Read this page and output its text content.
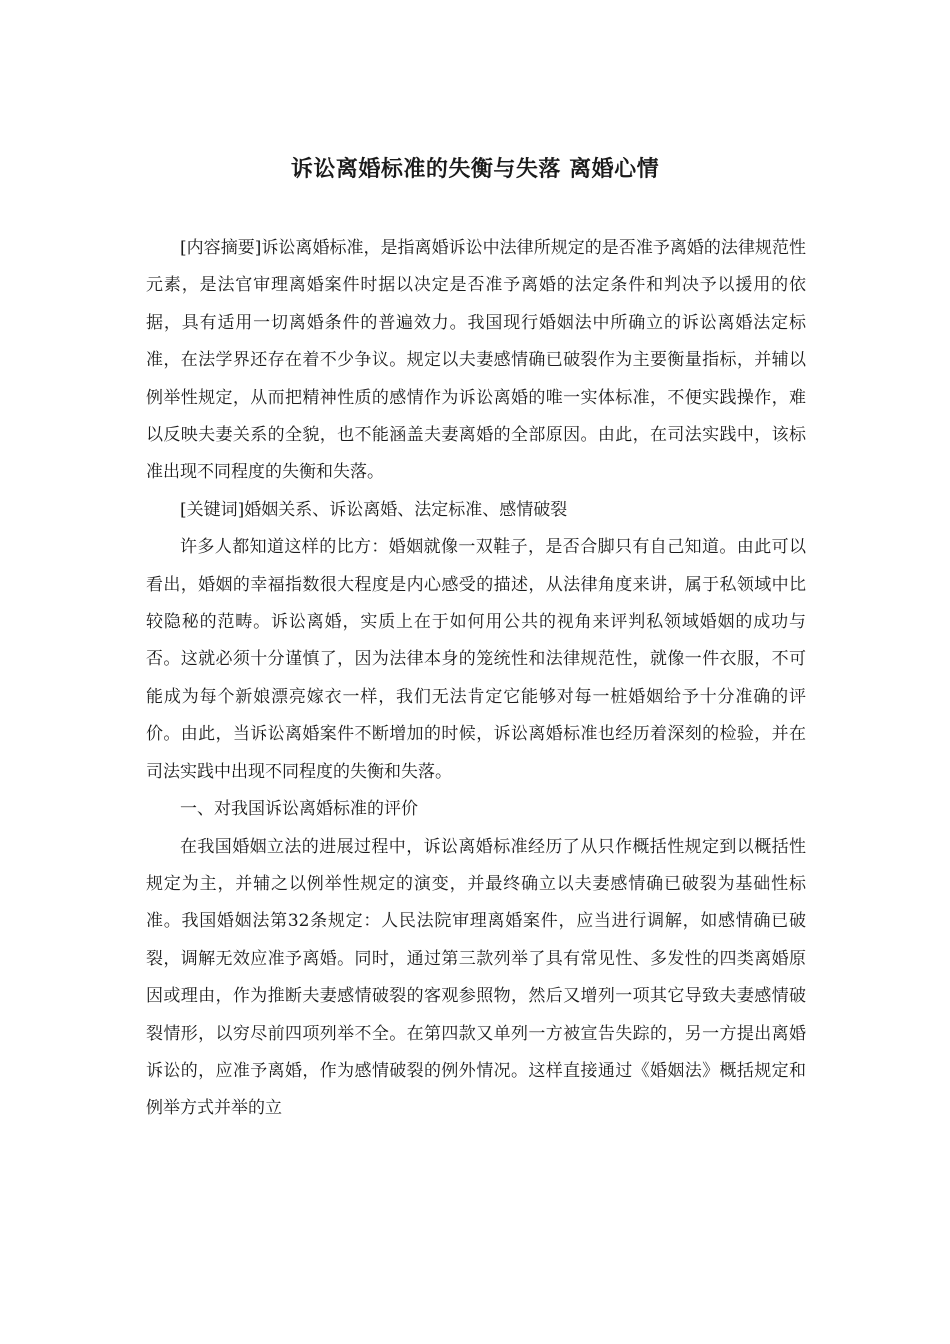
诉讼离婚标准的失衡与失落 离婚心情

[内容摘要]诉讼离婚标准，是指离婚诉讼中法律所规定的是否准予离婚的法律规范性元素，是法官审理离婚案件时据以决定是否准予离婚的法定条件和判决予以援用的依据，具有适用一切离婚条件的普遍效力。我国现行婚姻法中所确立的诉讼离婚法定标准，在法学界还存在着不少争议。规定以夫妻感情确已破裂作为主要衡量指标，并辅以例举性规定，从而把精神性质的感情作为诉讼离婚的唯一实体标准，不便实践操作，难以反映夫妻关系的全貌，也不能涵盖夫妻离婚的全部原因。由此，在司法实践中，该标准出现不同程度的失衡和失落。

[关键词]婚姻关系、诉讼离婚、法定标准、感情破裂

许多人都知道这样的比方：婚姻就像一双鞋子，是否合脚只有自己知道。由此可以看出，婚姻的幸福指数很大程度是内心感受的描述，从法律角度来讲，属于私领域中比较隐秘的范畴。诉讼离婚，实质上在于如何用公共的视角来评判私领域婚姻的成功与否。这就必须十分谨慎了，因为法律本身的笼统性和法律规范性，就像一件衣服，不可能成为每个新娘漂亮嫁衣一样，我们无法肯定它能够对每一桩婚姻给予十分准确的评价。由此，当诉讼离婚案件不断增加的时候，诉讼离婚标准也经历着深刻的检验，并在司法实践中出现不同程度的失衡和失落。

一、对我国诉讼离婚标准的评价

在我国婚姻立法的进展过程中，诉讼离婚标准经历了从只作概括性规定到以概括性规定为主，并辅之以例举性规定的演变，并最终确立以夫妻感情确已破裂为基础性标准。我国婚姻法第32条规定：人民法院审理离婚案件，应当进行调解，如感情确已破裂，调解无效应准予离婚。同时，通过第三款列举了具有常见性、多发性的四类离婚原因或理由，作为推断夫妻感情破裂的客观参照物，然后又增列一项其它导致夫妻感情破裂情形，以穷尽前四项列举不全。在第四款又单列一方被宣告失踪的，另一方提出离婚诉讼的，应准予离婚，作为感情破裂的例外情况。这样直接通过《婚姻法》概括规定和例举方式并举的立
